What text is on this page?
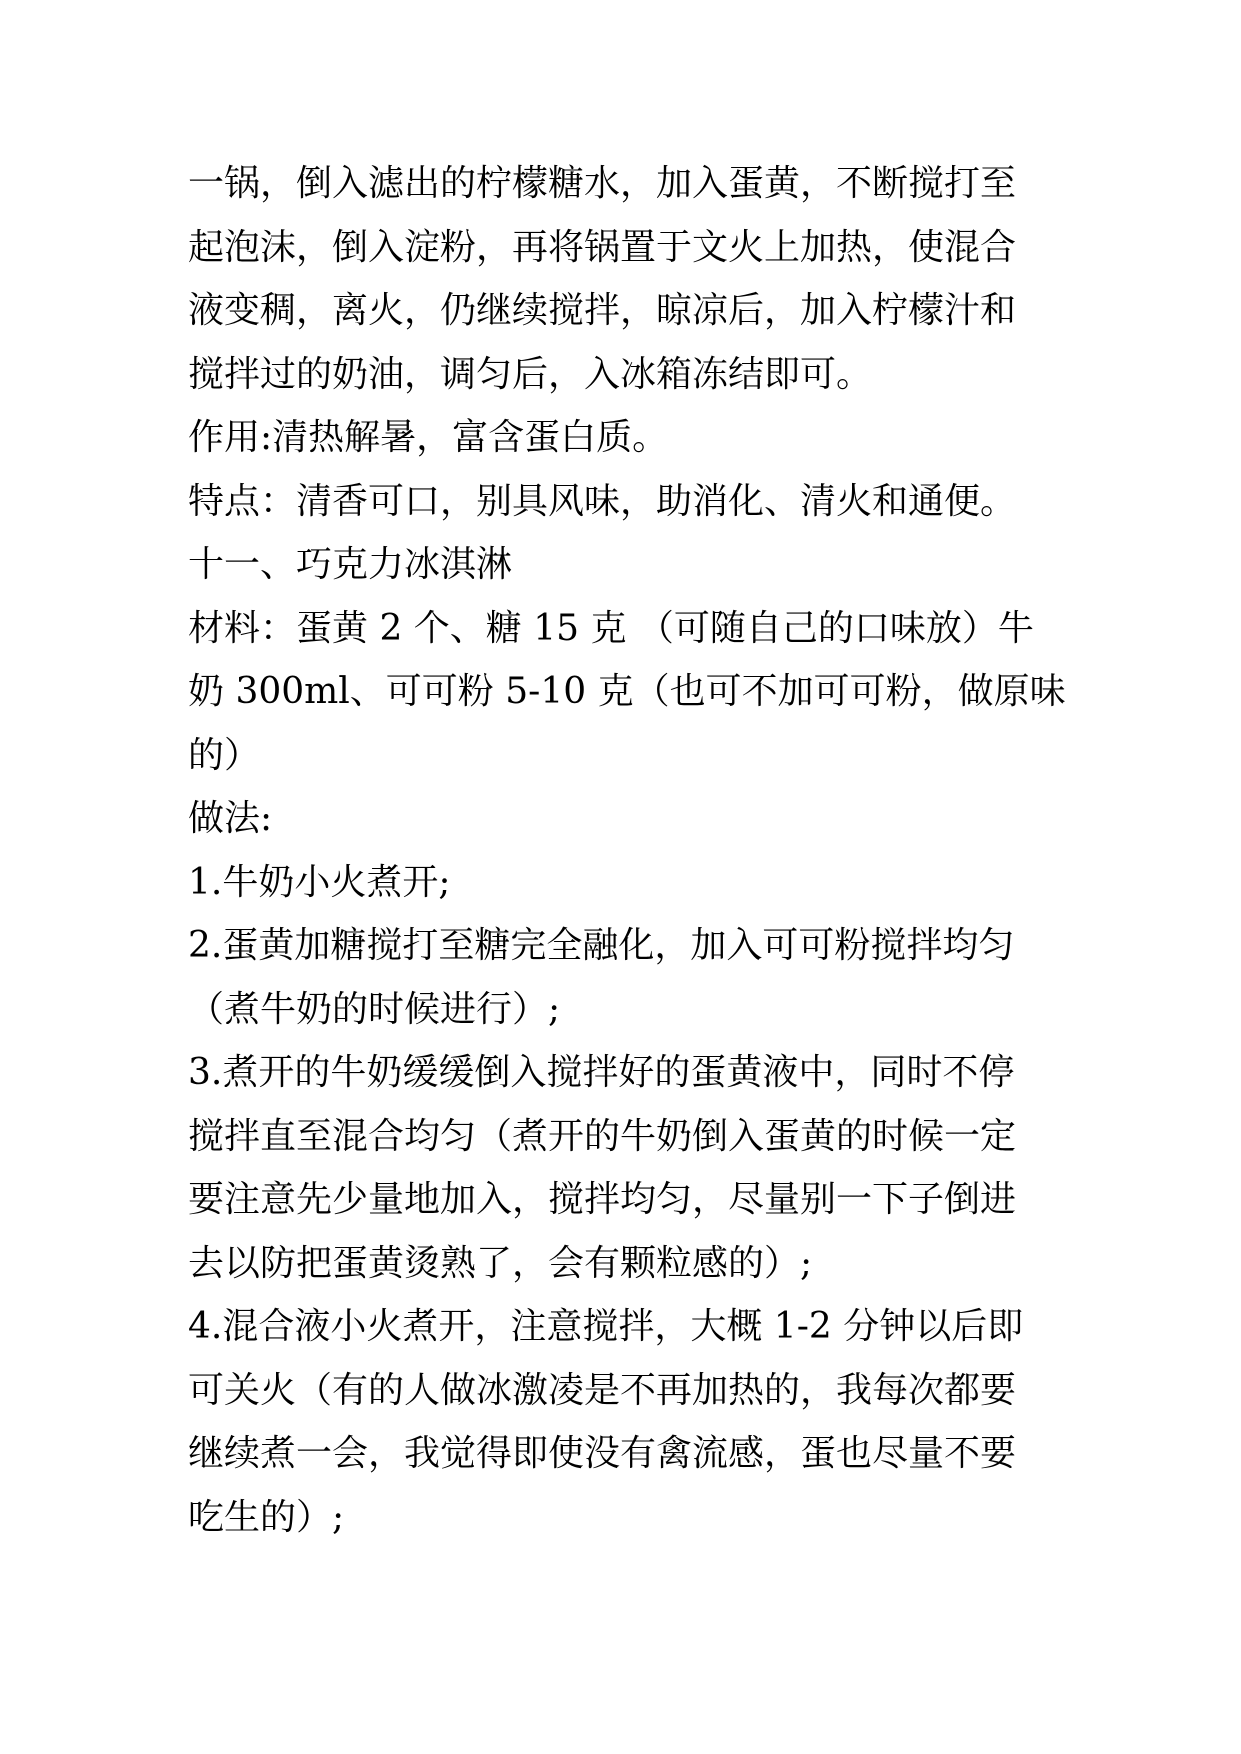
一锅，倒入滤出的柠檬糖水，加入蛋黄，不断搅打至
起泡沫，倒入淀粉，再将锅置于文火上加热，使混合
液变稠，离火，仍继续搅拌，晾凉后，加入柠檬汁和
搅拌过的奶油，调匀后，入冰箱冻结即可。
作用:清热解暑，富含蛋白质。
特点：清香可口，别具风味，助消化、清火和通便。
十一、巧克力冰淇淋
材料：蛋黄 2 个、糖 15 克 （可随自己的口味放）牛
奶 300ml、可可粉 5-10 克（也可不加可可粉，做原味
的）
做法:
1.牛奶小火煮开;
2.蛋黄加糖搅打至糖完全融化，加入可可粉搅拌均匀
（煮牛奶的时候进行）;
3.煮开的牛奶缓缓倒入搅拌好的蛋黄液中，同时不停
搅拌直至混合均匀（煮开的牛奶倒入蛋黄的时候一定
要注意先少量地加入，搅拌均匀，尽量别一下子倒进
去以防把蛋黄烫熟了，会有颗粒感的）;
4.混合液小火煮开，注意搅拌，大概 1-2 分钟以后即
可关火（有的人做冰激凌是不再加热的，我每次都要
继续煮一会，我觉得即使没有禽流感，蛋也尽量不要
吃生的）;
